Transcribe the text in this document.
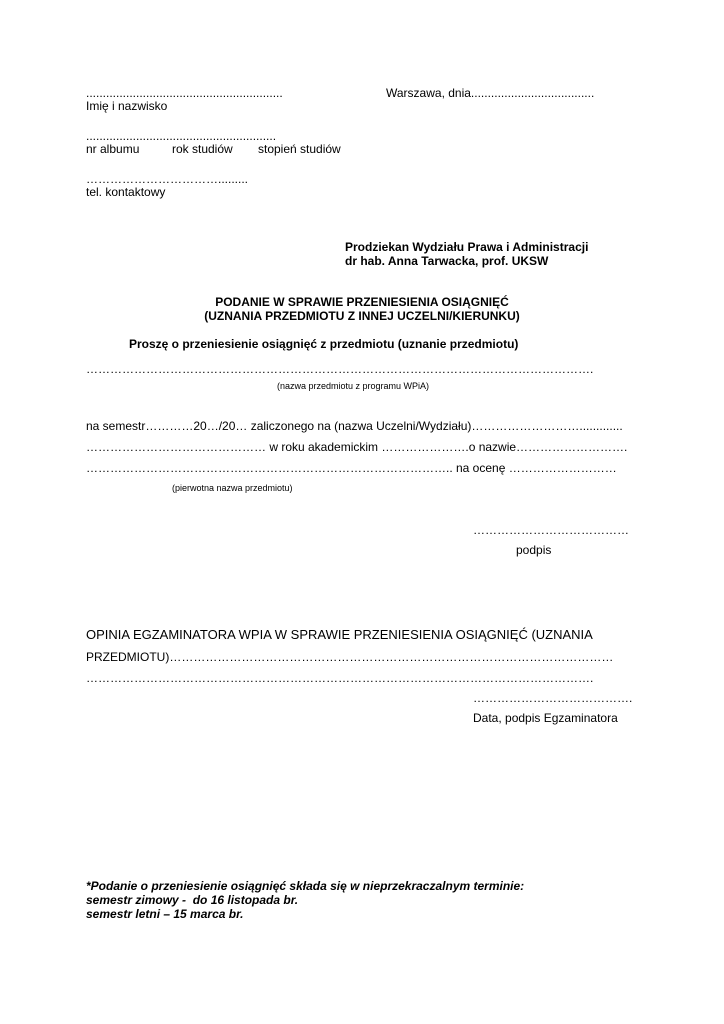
...........................................................	Warszawa, dnia.....................................
Imię i nazwisko
.........................................................
nr albumu	rok studiów stopień studiów
…………………………….........
tel. kontaktowy
Prodziekan Wydziału Prawa i Administracji
dr hab. Anna Tarwacka, prof. UKSW
PODANIE W SPRAWIE PRZENIESIENIA OSIĄGNIĘĆ
(UZNANIA PRZEDMIOTU Z INNEJ UCZELNI/KIERUNKU)
Proszę o przeniesienie osiągnięć z przedmiotu (uznanie przedmiotu)
……………………………………………………………………………………………………………….
(nazwa przedmiotu z programu WPiA)
na semestr…………20…/20… zaliczonego na (nazwa Uczelni/Wydziału)……………………….............
……………………………………… w roku akademickim ………………….o nazwie……………………….
……………………………………………………………………………….. na ocenę ………………………
(pierwotna nazwa przedmiotu)
…………………………………
podpis
OPINIA EGZAMINATORA WPIA W SPRAWIE PRZENIESIENIA OSIĄGNIĘĆ (UZNANIA
PRZEDMIOTU)…………………………………………………………………………………………………
……………………………………………………………………………………………………………….
………………………………….
Data, podpis Egzaminatora
*Podanie o przeniesienie osiągnięć składa się w nieprzekraczalnym terminie:
semestr zimowy -  do 16 listopada br.
semestr letni – 15 marca br.
